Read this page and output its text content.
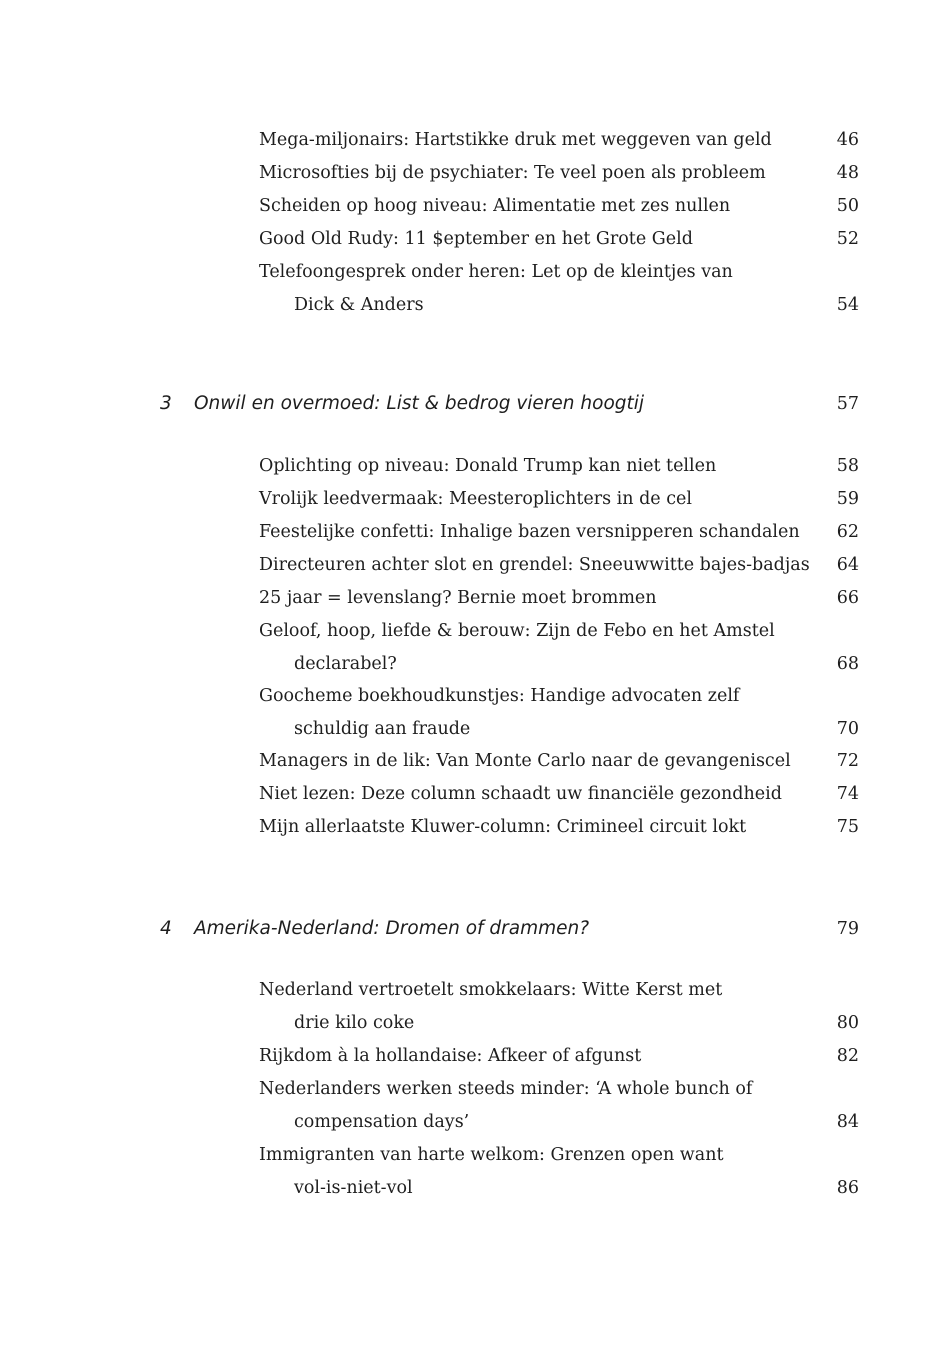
Mega-miljonairs: Hartstikke druk met weggeven van geld	46
Microsofties bij de psychiater: Te veel poen als probleem	48
Scheiden op hoog niveau: Alimentatie met zes nullen	50
Good Old Rudy: 11 $eptember en het Grote Geld	52
Telefoongesprek onder heren: Let op de kleintjes van
Dick & Anders	54
3 Onwil en overmoed: List & bedrog vieren hoogtij	57
Oplichting op niveau: Donald Trump kan niet tellen	58
Vrolijk leedvermaak: Meesteroplichters in de cel	59
Feestelijke confetti: Inhalige bazen versnipperen schandalen	62
Directeuren achter slot en grendel: Sneeuwwitte bajes-badjas	64
25 jaar = levenslang? Bernie moet brommen	66
Geloof, hoop, liefde & berouw: Zijn de Febo en het Amstel
declarabel?	68
Goocheme boekhoudkunstjes: Handige advocaten zelf
schuldig aan fraude	70
Managers in de lik: Van Monte Carlo naar de gevangeniscel	72
Niet lezen: Deze column schaadt uw financiële gezondheid	74
Mijn allerlaatste Kluwer-column: Crimineel circuit lokt	75
4 Amerika-Nederland: Dromen of drammen?	79
Nederland vertroetelt smokkelaars: Witte Kerst met
drie kilo coke	80
Rijkdom à la hollandaise: Afkeer of afgunst	82
Nederlanders werken steeds minder: ‘A whole bunch of
compensation days’	84
Immigranten van harte welkom: Grenzen open want
vol-is-niet-vol	86
